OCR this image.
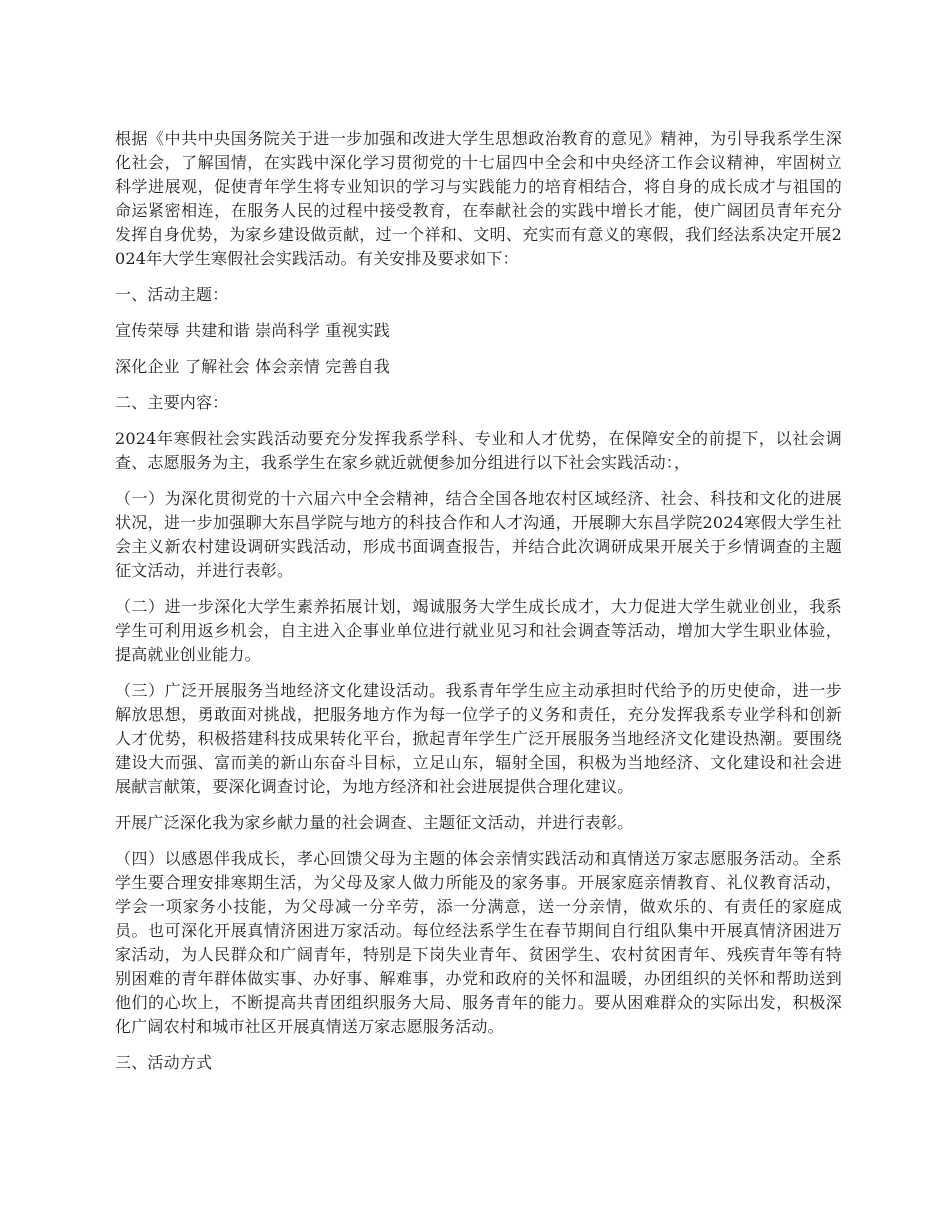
根据《中共中央国务院关于进一步加强和改进大学生思想政治教育的意见》精神，为引导我系学生深化社会，了解国情，在实践中深化学习贯彻党的十七届四中全会和中央经济工作会议精神，牢固树立科学进展观，促使青年学生将专业知识的学习与实践能力的培育相结合，将自身的成长成才与祖国的命运紧密相连，在服务人民的过程中接受教育，在奉献社会的实践中增长才能，使广阔团员青年充分发挥自身优势，为家乡建设做贡献，过一个祥和、文明、充实而有意义的寒假，我们经法系决定开展2024年大学生寒假社会实践活动。有关安排及要求如下：

一、活动主题：

宣传荣辱 共建和谐 崇尚科学 重视实践

深化企业 了解社会 体会亲情 完善自我

二、主要内容：

2024年寒假社会实践活动要充分发挥我系学科、专业和人才优势，在保障安全的前提下，以社会调查、志愿服务为主，我系学生在家乡就近就便参加分组进行以下社会实践活动：，

（一）为深化贯彻党的十六届六中全会精神，结合全国各地农村区域经济、社会、科技和文化的进展状况，进一步加强聊大东昌学院与地方的科技合作和人才沟通，开展聊大东昌学院2024寒假大学生社会主义新农村建设调研实践活动，形成书面调查报告，并结合此次调研成果开展关于乡情调查的主题征文活动，并进行表彰。

（二）进一步深化大学生素养拓展计划，竭诚服务大学生成长成才，大力促进大学生就业创业，我系学生可利用返乡机会，自主进入企事业单位进行就业见习和社会调查等活动，增加大学生职业体验，提高就业创业能力。

（三）广泛开展服务当地经济文化建设活动。我系青年学生应主动承担时代给予的历史使命，进一步解放思想，勇敢面对挑战，把服务地方作为每一位学子的义务和责任，充分发挥我系专业学科和创新人才优势，积极搭建科技成果转化平台，掀起青年学生广泛开展服务当地经济文化建设热潮。要围绕建设大而强、富而美的新山东奋斗目标，立足山东，辐射全国，积极为当地经济、文化建设和社会进展献言献策，要深化调查讨论，为地方经济和社会进展提供合理化建议。

开展广泛深化我为家乡献力量的社会调查、主题征文活动，并进行表彰。

（四）以感恩伴我成长，孝心回馈父母为主题的体会亲情实践活动和真情送万家志愿服务活动。全系学生要合理安排寒期生活，为父母及家人做力所能及的家务事。开展家庭亲情教育、礼仪教育活动，学会一项家务小技能，为父母减一分辛劳，添一分满意，送一分亲情，做欢乐的、有责任的家庭成员。也可深化开展真情济困进万家活动。每位经法系学生在春节期间自行组队集中开展真情济困进万家活动，为人民群众和广阔青年，特别是下岗失业青年、贫困学生、农村贫困青年、残疾青年等有特别困难的青年群体做实事、办好事、解难事，办党和政府的关怀和温暖，办团组织的关怀和帮助送到他们的心坎上，不断提高共青团组织服务大局、服务青年的能力。要从困难群众的实际出发，积极深化广阔农村和城市社区开展真情送万家志愿服务活动。

三、活动方式
